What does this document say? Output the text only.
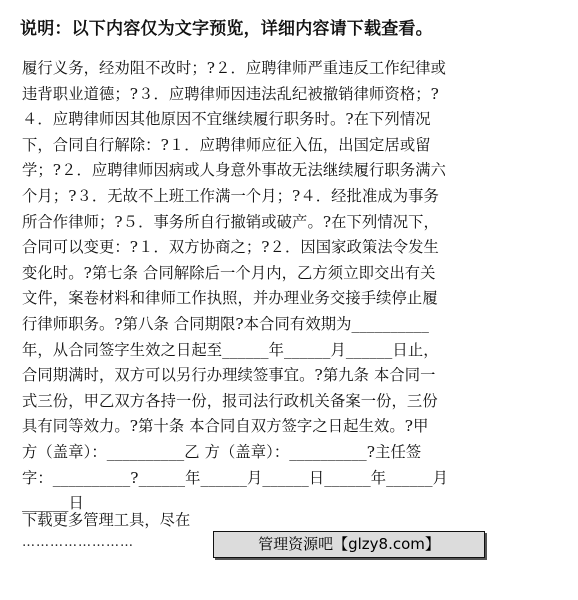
说明：以下内容仅为文字预览，详细内容请下载查看。
履行义务，经劝阻不改时；?２．应聘律师严重违反工作纪律或
违背职业道德；?３．应聘律师因违法乱纪被撤销律师资格；?
４．应聘律师因其他原因不宜继续履行职务时。?在下列情况
下，合同自行解除：?１．应聘律师应征入伍，出国定居或留
学；?２．应聘律师因病或人身意外事故无法继续履行职务满六
个月；?３．无故不上班工作满一个月；?４．经批准成为事务
所合作律师；?５．事务所自行撤销或破产。?在下列情况下，
合同可以变更：?１．双方协商之；?２．因国家政策法令发生
变化时。?第七条 合同解除后一个月内，乙方须立即交出有关
文件，案卷材料和律师工作执照，并办理业务交接手续停止履
行律师职务。?第八条 合同期限?本合同有效期为__________
年，从合同签字生效之日起至______年______月______日止，
合同期满时，双方可以另行办理续签事宜。?第九条 本合同一
式三份，甲乙双方各持一份，报司法行政机关备案一份，三份
具有同等效力。?第十条 本合同自双方签字之日起生效。?甲
方（盖章）：__________乙 方（盖章）：__________?主任签
字：__________?______年______月______日______年______月
______日
下载更多管理工具，尽在
……………………	管理资源吧【glzy8.com】
